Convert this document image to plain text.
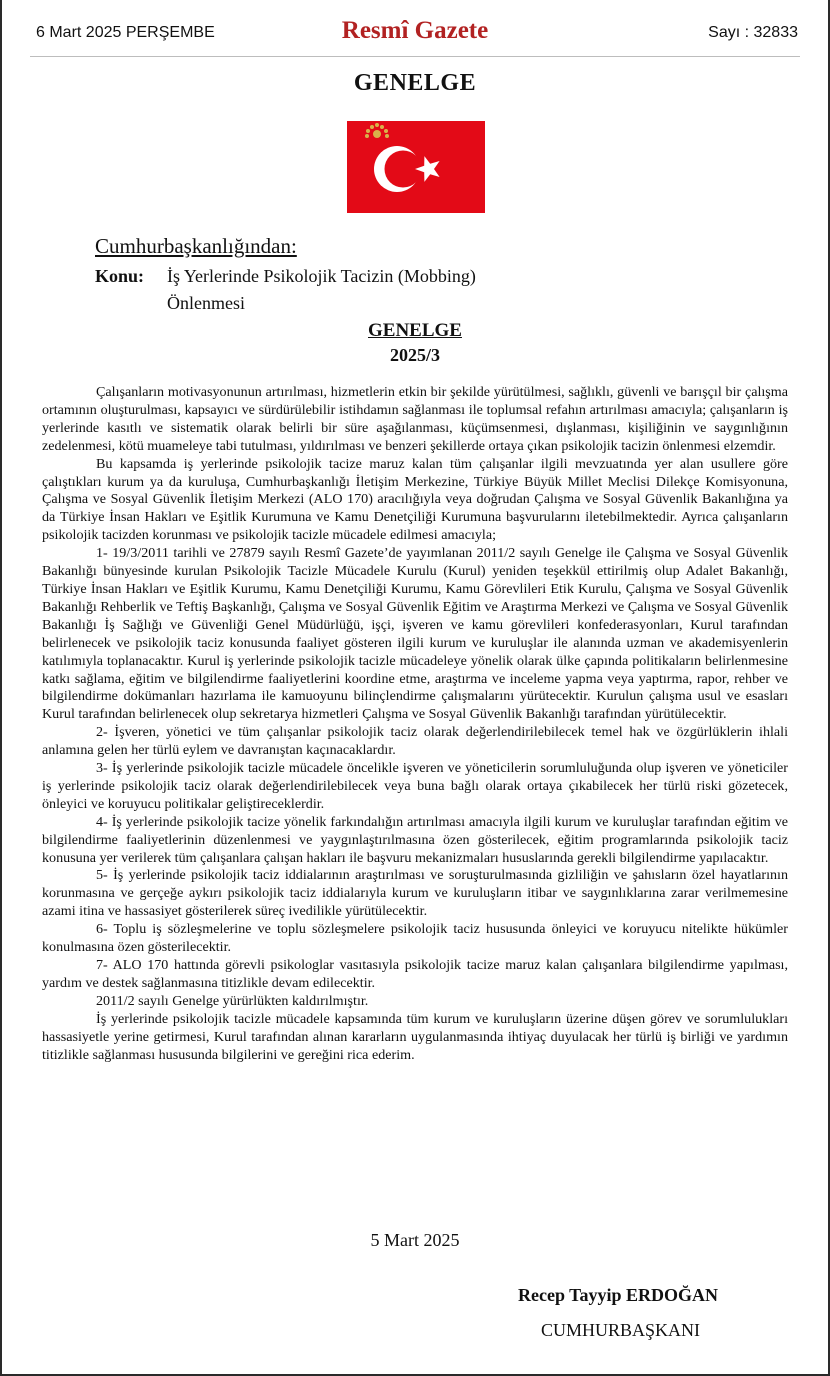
6 Mart 2025 PERŞEMBE	Resmî Gazete	Sayı : 32833
GENELGE
Cumhurbaşkanlığından:
Konu: İş Yerlerinde Psikolojik Tacizin (Mobbing) Önlenmesi
GENELGE
2025/3

Çalışanların motivasyonunun artırılması, hizmetlerin etkin bir şekilde yürütülmesi, sağlıklı, güvenli ve barışçıl bir çalışma ortamının oluşturulması, kapsayıcı ve sürdürülebilir istihdamın sağlanması ile toplumsal refahın artırılması amacıyla; çalışanların iş yerlerinde kasıtlı ve sistematik olarak belirli bir süre aşağılanması, küçümsenmesi, dışlanması, kişiliğinin ve saygınlığının zedelenmesi, kötü muameleye tabi tutulması, yıldırılması ve benzeri şekillerde ortaya çıkan psikolojik tacizin önlenmesi elzemdir.

Bu kapsamda iş yerlerinde psikolojik tacize maruz kalan tüm çalışanlar ilgili mevzuatında yer alan usullere göre çalıştıkları kurum ya da kuruluşa, Cumhurbaşkanlığı İletişim Merkezine, Türkiye Büyük Millet Meclisi Dilekçe Komisyonuna, Çalışma ve Sosyal Güvenlik İletişim Merkezi (ALO 170) aracılığıyla veya doğrudan Çalışma ve Sosyal Güvenlik Bakanlığına ya da Türkiye İnsan Hakları ve Eşitlik Kurumuna ve Kamu Denetçiliği Kurumuna başvurularını iletebilmektedir. Ayrıca çalışanların psikolojik tacizden korunması ve psikolojik tacizle mücadele edilmesi amacıyla;

1- 19/3/2011 tarihli ve 27879 sayılı Resmî Gazete’de yayımlanan 2011/2 sayılı Genelge ile Çalışma ve Sosyal Güvenlik Bakanlığı bünyesinde kurulan Psikolojik Tacizle Mücadele Kurulu (Kurul) yeniden teşekkül ettirilmiş olup Adalet Bakanlığı, Türkiye İnsan Hakları ve Eşitlik Kurumu, Kamu Denetçiliği Kurumu, Kamu Görevlileri Etik Kurulu, Çalışma ve Sosyal Güvenlik Bakanlığı Rehberlik ve Teftiş Başkanlığı, Çalışma ve Sosyal Güvenlik Eğitim ve Araştırma Merkezi ve Çalışma ve Sosyal Güvenlik Bakanlığı İş Sağlığı ve Güvenliği Genel Müdürlüğü, işçi, işveren ve kamu görevlileri konfederasyonları, Kurul tarafından belirlenecek ve psikolojik taciz konusunda faaliyet gösteren ilgili kurum ve kuruluşlar ile alanında uzman ve akademisyenlerin katılımıyla toplanacaktır. Kurul iş yerlerinde psikolojik tacizle mücadeleye yönelik olarak ülke çapında politikaların belirlenmesine katkı sağlama, eğitim ve bilgilendirme faaliyetlerini koordine etme, araştırma ve inceleme yapma veya yaptırma, rapor, rehber ve bilgilendirme dokümanları hazırlama ile kamuoyunu bilinçlendirme çalışmalarını yürütecektir. Kurulun çalışma usul ve esasları Kurul tarafından belirlenecek olup sekretarya hizmetleri Çalışma ve Sosyal Güvenlik Bakanlığı tarafından yürütülecektir.

2- İşveren, yönetici ve tüm çalışanlar psikolojik taciz olarak değerlendirilebilecek temel hak ve özgürlüklerin ihlali anlamına gelen her türlü eylem ve davranıştan kaçınacaklardır.

3- İş yerlerinde psikolojik tacizle mücadele öncelikle işveren ve yöneticilerin sorumluluğunda olup işveren ve yöneticiler iş yerlerinde psikolojik taciz olarak değerlendirilebilecek veya buna bağlı olarak ortaya çıkabilecek her türlü riski gözetecek, önleyici ve koruyucu politikalar geliştireceklerdir.

4- İş yerlerinde psikolojik tacize yönelik farkındalığın artırılması amacıyla ilgili kurum ve kuruluşlar tarafından eğitim ve bilgilendirme faaliyetlerinin düzenlenmesi ve yaygınlaştırılmasına özen gösterilecek, eğitim programlarında psikolojik taciz konusuna yer verilerek tüm çalışanlara çalışan hakları ile başvuru mekanizmaları hususlarında gerekli bilgilendirme yapılacaktır.

5- İş yerlerinde psikolojik taciz iddialarının araştırılması ve soruşturulmasında gizliliğin ve şahısların özel hayatlarının korunmasına ve gerçeğe aykırı psikolojik taciz iddialarıyla kurum ve kuruluşların itibar ve saygınlıklarına zarar verilmemesine azami itina ve hassasiyet gösterilerek süreç ivedilikle yürütülecektir.

6- Toplu iş sözleşmelerine ve toplu sözleşmelere psikolojik taciz hususunda önleyici ve koruyucu nitelikte hükümler konulmasına özen gösterilecektir.

7- ALO 170 hattında görevli psikologlar vasıtasıyla psikolojik tacize maruz kalan çalışanlara bilgilendirme yapılması, yardım ve destek sağlanmasına titizlikle devam edilecektir.

2011/2 sayılı Genelge yürürlükten kaldırılmıştır.

İş yerlerinde psikolojik tacizle mücadele kapsamında tüm kurum ve kuruluşların üzerine düşen görev ve sorumlulukları hassasiyetle yerine getirmesi, Kurul tarafından alınan kararların uygulanmasında ihtiyaç duyulacak her türlü iş birliği ve yardımın titizlikle sağlanması hususunda bilgilerini ve gereğini rica ederim.

5 Mart 2025
Recep Tayyip ERDOĞAN
CUMHURBAŞKANI
